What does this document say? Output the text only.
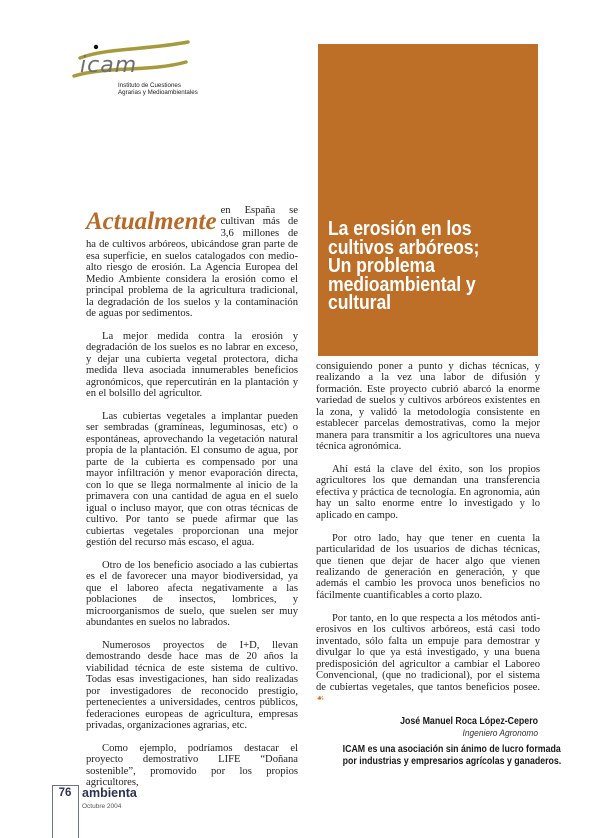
icam
Instituto de Cuestiones
Agrarias y Medioambientales
La erosión en los
cultivos arbóreos;
Un problema
medioambiental y
cultural

Actualmente en España se cultivan más de 3,6 millones de ha de cultivos arbóreos, ubicándose gran parte de esa superficie, en suelos catalogados con medio-alto riesgo de erosión. La Agencia Europea del Medio Ambiente considera la erosión como el principal problema de la agricultura tradicional, la degradación de los suelos y la contaminación de aguas por sedimentos.

La mejor medida contra la erosión y degradación de los suelos es no labrar en exceso, y dejar una cubierta vegetal protectora, dicha medida lleva asociada innumerables beneficios agronómicos, que repercutirán en la plantación y en el bolsillo del agricultor.

Las cubiertas vegetales a implantar pueden ser sembradas (gramíneas, leguminosas, etc) o espontáneas, aprovechando la vegetación natural propia de la plantación. El consumo de agua, por parte de la cubierta es compensado por una mayor infiltración y menor evaporación directa, con lo que se llega normalmente al inicio de la primavera con una cantidad de agua en el suelo igual o incluso mayor, que con otras técnicas de cultivo. Por tanto se puede afirmar que las cubiertas vegetales proporcionan una mejor gestión del recurso más escaso, el agua.

Otro de los beneficio asociado a las cubiertas es el de favorecer una mayor biodiversidad, ya que el laboreo afecta negativamente a las poblaciones de insectos, lombrices, y microorganismos de suelo, que suelen ser muy abundantes en suelos no labrados.

Numerosos proyectos de I+D, llevan demostrando desde hace mas de 20 años la viabilidad técnica de este sistema de cultivo. Todas esas investigaciones, han sido realizadas por investigadores de reconocido prestigio, pertenecientes a universidades, centros públicos, federaciones europeas de agricultura, empresas privadas, organizaciones agrarias, etc.

Como ejemplo, podríamos destacar el proyecto demostrativo LIFE “Doñana sostenible”, promovido por los propios agricultores,

consiguiendo poner a punto y dichas técnicas, y realizando a la vez una labor de difusión y formación. Este proyecto cubrió abarcó la enorme variedad de suelos y cultivos arbóreos existentes en la zona, y validó la metodología consistente en establecer parcelas demostrativas, como la mejor manera para transmitir a los agricultores una nueva técnica agronómica.

Ahí está la clave del éxito, son los propios agricultores los que demandan una transferencia efectiva y práctica de tecnología. En agronomia, aún hay un salto enorme entre lo investigado y lo aplicado en campo.

Por otro lado, hay que tener en cuenta la particularidad de los usuarios de dichas técnicas, que tienen que dejar de hacer algo que vienen realizando de generación en generación, y que además el cambio les provoca unos beneficios no fácilmente cuantificables a corto plazo.

Por tanto, en lo que respecta a los métodos anti-erosivos en los cultivos arbóreos, está casi todo inventado, sólo falta un empuje para demostrar y divulgar lo que ya está investigado, y una buena predisposición del agricultor a cambiar el Laboreo Convencional, (que no tradicional), por el sistema de cubiertas vegetales, que tantos beneficios posee. ☙

José Manuel Roca López-Cepero
Ingeniero Agronomo
ICAM es una asociación sin ánimo de lucro formada
por industrias y empresarios agrícolas y ganaderos.
76 ambienta
Octubre 2004
